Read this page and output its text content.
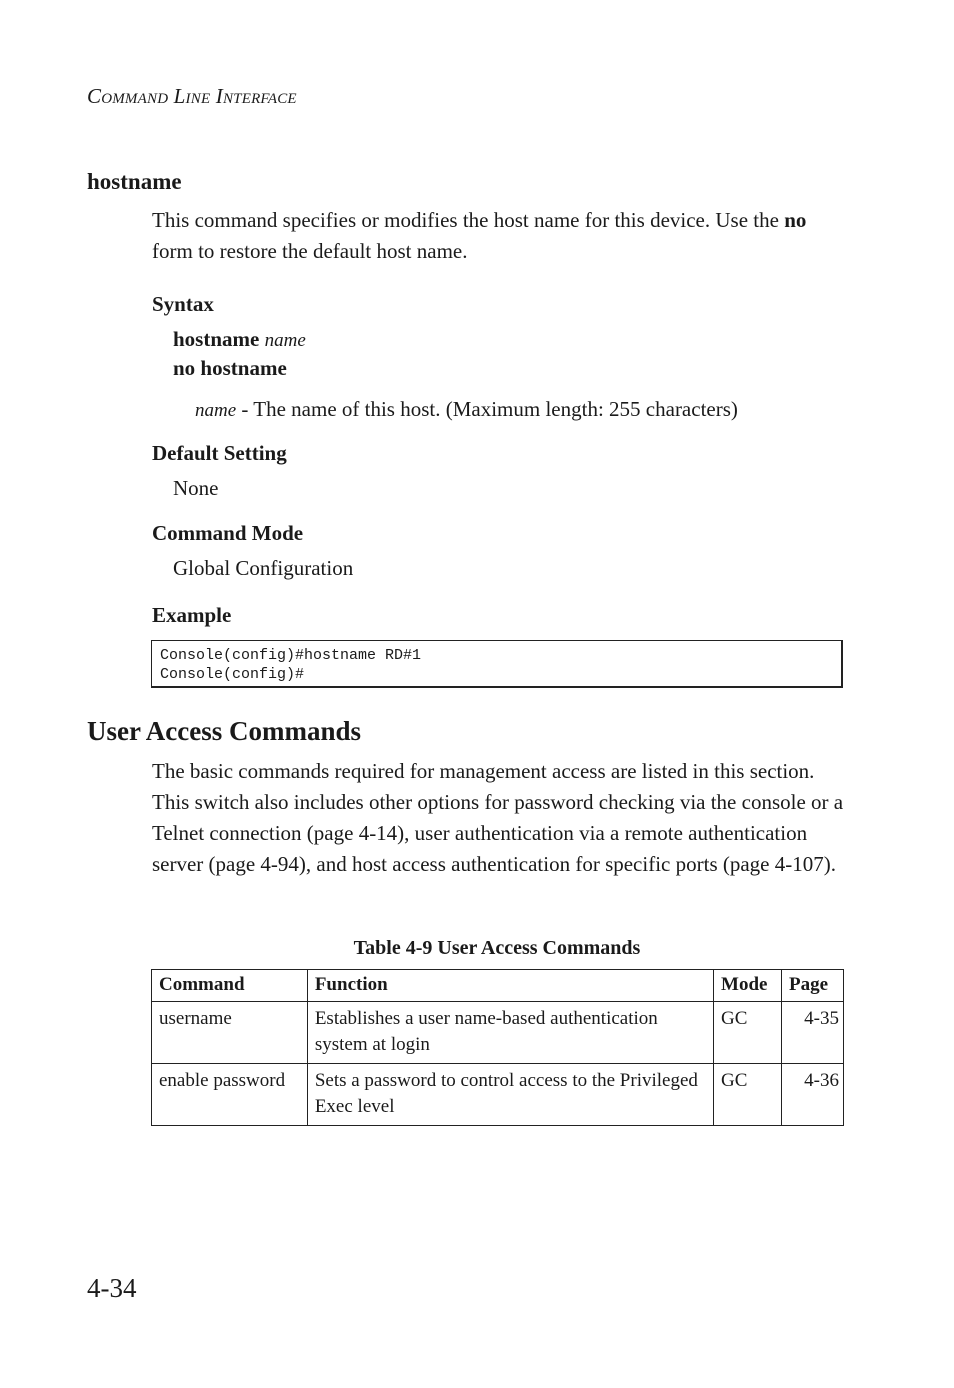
Command Line Interface
hostname
This command specifies or modifies the host name for this device. Use the no form to restore the default host name.
Syntax
hostname name
no hostname
name - The name of this host. (Maximum length: 255 characters)
Default Setting
None
Command Mode
Global Configuration
Example
Console(config)#hostname RD#1
Console(config)#
User Access Commands
The basic commands required for management access are listed in this section. This switch also includes other options for password checking via the console or a Telnet connection (page 4-14), user authentication via a remote authentication server (page 4-94), and host access authentication for specific ports (page 4-107).
Table 4-9 User Access Commands
Command	Function	Mode	Page
username	Establishes a user name-based authentication system at login	GC	4-35
enable password	Sets a password to control access to the Privileged Exec level	GC	4-36
4-34
